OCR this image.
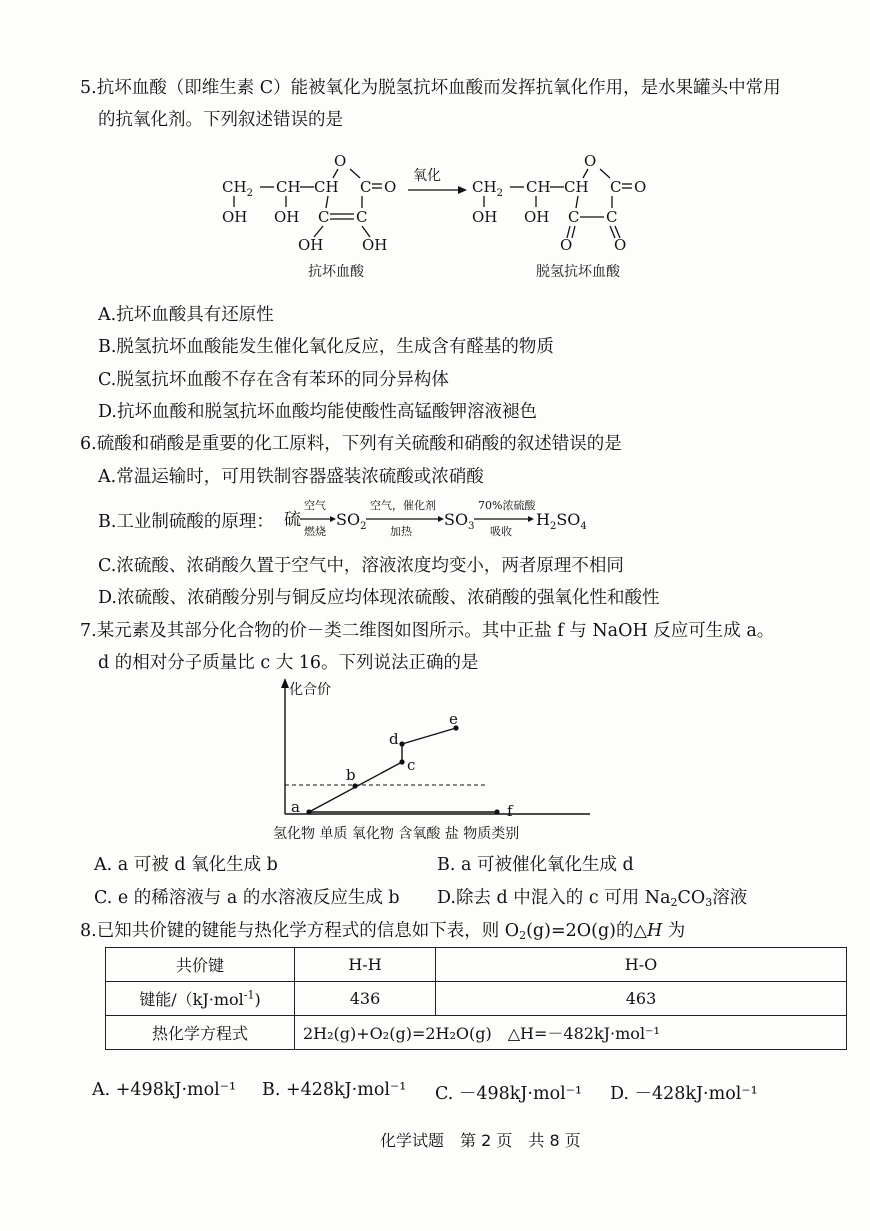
5.抗坏血酸（即维生素 C）能被氧化为脱氢抗坏血酸而发挥抗氧化作用，是水果罐头中常用
的抗氧化剂。下列叙述错误的是
$CH_2$ CH CH
OH OH
O
C O
C C
OH	OH
抗坏血酸
氧化
$CH_2$ CH CH
OH OH
O
C O
C C
O	O
脱氢抗坏血酸
A.抗坏血酸具有还原性
B.脱氢抗坏血酸能发生催化氧化反应，生成含有醛基的物质
C.脱氢抗坏血酸不存在含有苯环的同分异构体
D.抗坏血酸和脱氢抗坏血酸均能使酸性高锰酸钾溶液褪色
6.硫酸和硝酸是重要的化工原料，下列有关硫酸和硝酸的叙述错误的是
A.常温运输时，可用铁制容器盛装浓硫酸或浓硝酸
B.工业制硫酸的原理： 硫
空气
燃烧
$SO_2$
空气，催化剂
加热
$SO_3$
70%浓硫酸
吸收
$H_2SO_4$
C.浓硫酸、浓硝酸久置于空气中，溶液浓度均变小，两者原理不相同
D.浓硫酸、浓硝酸分别与铜反应均体现浓硫酸、浓硝酸的强氧化性和酸性
7.某元素及其部分化合物的价－类二维图如图所示。其中正盐 f 与 NaOH 反应可生成 a。
d 的相对分子质量比 c 大 16。下列说法正确的是
化合价
a
b
c
d
e
f
氢化物 单质 氧化物 含氧酸 盐 物质类别
A. a 可被 d 氧化生成 b	B. a 可被催化氧化生成 d
C. e 的稀溶液与 a 的水溶液反应生成 b D.除去 d 中混入的 c 可用 $Na_2CO_3$溶液
8.已知共价键的键能与热化学方程式的信息如下表，则 $O_2(g)=2O(g)$的△H 为
共价键	H-H	H-O
键能/（kJ·mol$^{-1}$)	436	463
热化学方程式	2H₂(g)+O₂(g)=2H₂O(g)　△H=－482kJ·mol⁻¹	
A. +498kJ·mol⁻¹ B. +428kJ·mol⁻¹ C. －498kJ·mol⁻¹ D. －428kJ·mol⁻¹
化学试题　第 2 页　共 8 页
